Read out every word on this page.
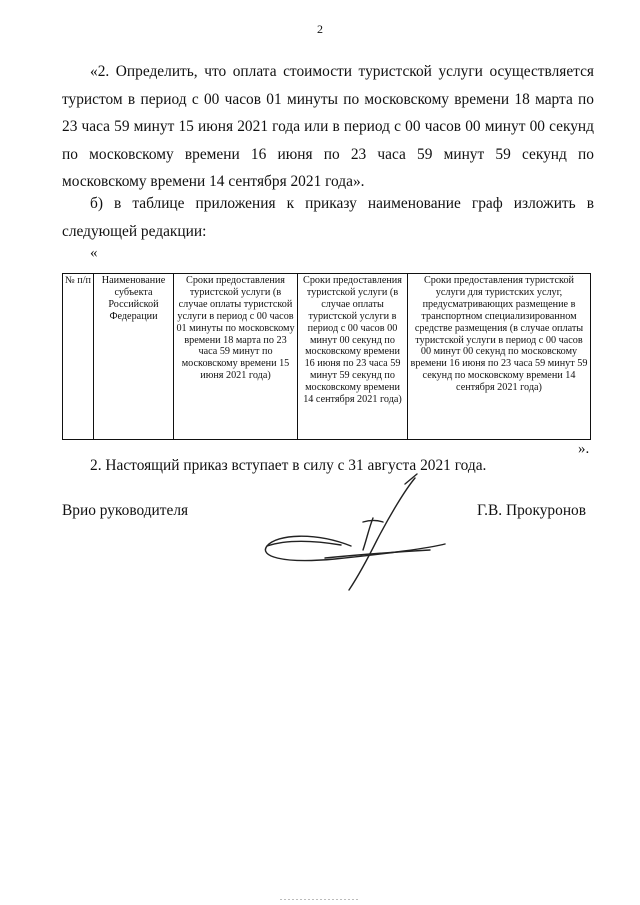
2

«2. Определить, что оплата стоимости туристской услуги осуществляется туристом в период с 00 часов 01 минуты по московскому времени 18 марта по 23 часа 59 минут 15 июня 2021 года или в период с 00 часов 00 минут 00 секунд по московскому времени 16 июня по 23 часа 59 минут 59 секунд по московскому времени 14 сентября 2021 года».

б) в таблице приложения к приказу наименование граф изложить в следующей редакции:

«
№ п/п	Наименование субъекта Российской Федерации	Сроки предоставления туристской услуги (в случае оплаты туристской услуги в период с 00 часов 01 минуты по московскому времени 18 марта по 23 часа 59 минут по московскому времени 15 июня 2021 года)	Сроки предоставления туристской услуги (в случае оплаты туристской услуги в период с 00 часов 00 минут 00 секунд по московскому времени 16 июня по 23 часа 59 минут 59 секунд по московскому времени 14 сентября 2021 года)	Сроки предоставления туристской услуги для туристских услуг, предусматривающих размещение в транспортном специализированном средстве размещения (в случае оплаты туристской услуги в период с 00 часов 00 минут 00 секунд по московскому времени 16 июня по 23 часа 59 минут 59 секунд по московскому времени 14 сентября 2021 года)
».
2. Настоящий приказ вступает в силу с 31 августа 2021 года.
Врио руководителя	Г.В. Прокуронов
